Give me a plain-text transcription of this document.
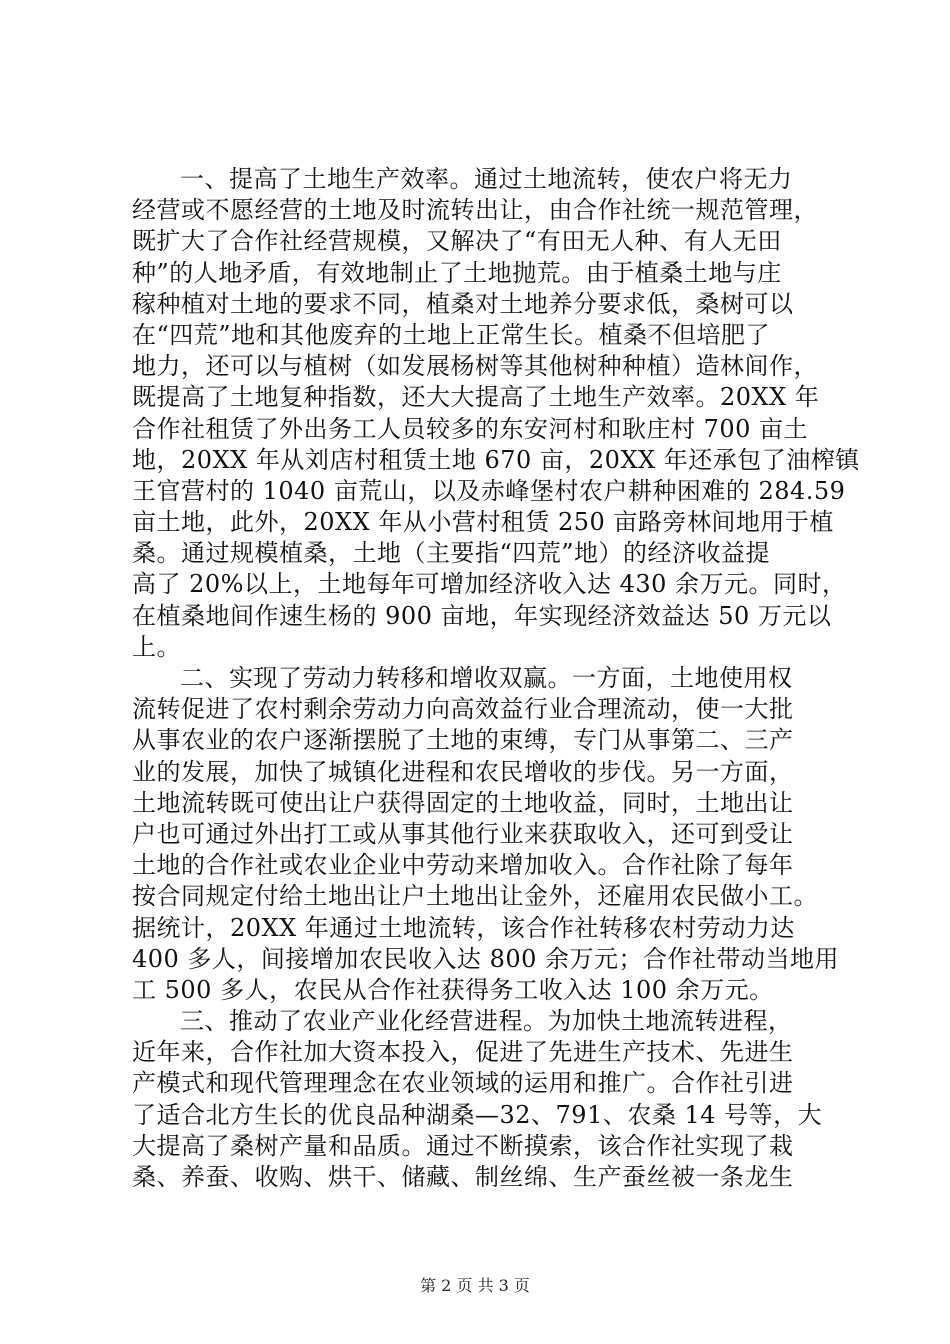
一、提高了土地生产效率。通过土地流转，使农户将无力
经营或不愿经营的土地及时流转出让，由合作社统一规范管理，
既扩大了合作社经营规模，又解决了“有田无人种、有人无田
种”的人地矛盾，有效地制止了土地抛荒。由于植桑土地与庄
稼种植对土地的要求不同，植桑对土地养分要求低，桑树可以
在“四荒”地和其他废弃的土地上正常生长。植桑不但培肥了
地力，还可以与植树（如发展杨树等其他树种种植）造林间作，
既提高了土地复种指数，还大大提高了土地生产效率。20XX 年
合作社租赁了外出务工人员较多的东安河村和耿庄村 700 亩土
地，20XX 年从刘店村租赁土地 670 亩，20XX 年还承包了油榨镇
王官营村的 1040 亩荒山，以及赤峰堡村农户耕种困难的 284.59
亩土地，此外，20XX 年从小营村租赁 250 亩路旁林间地用于植
桑。通过规模植桑，土地（主要指“四荒”地）的经济收益提
高了 20%以上，土地每年可增加经济收入达 430 余万元。同时，
在植桑地间作速生杨的 900 亩地，年实现经济效益达 50 万元以
上。
二、实现了劳动力转移和增收双赢。一方面，土地使用权
流转促进了农村剩余劳动力向高效益行业合理流动，使一大批
从事农业的农户逐渐摆脱了土地的束缚，专门从事第二、三产
业的发展，加快了城镇化进程和农民增收的步伐。另一方面，
土地流转既可使出让户获得固定的土地收益，同时，土地出让
户也可通过外出打工或从事其他行业来获取收入，还可到受让
土地的合作社或农业企业中劳动来增加收入。合作社除了每年
按合同规定付给土地出让户土地出让金外，还雇用农民做小工。
据统计，20XX 年通过土地流转，该合作社转移农村劳动力达
400 多人，间接增加农民收入达 800 余万元；合作社带动当地用
工 500 多人，农民从合作社获得务工收入达 100 余万元。
三、推动了农业产业化经营进程。为加快土地流转进程，
近年来，合作社加大资本投入，促进了先进生产技术、先进生
产模式和现代管理理念在农业领域的运用和推广。合作社引进
了适合北方生长的优良品种湖桑—32、791、农桑 14 号等，大
大提高了桑树产量和品质。通过不断摸索，该合作社实现了栽
桑、养蚕、收购、烘干、储藏、制丝绵、生产蚕丝被一条龙生
第 2 页 共 3 页
